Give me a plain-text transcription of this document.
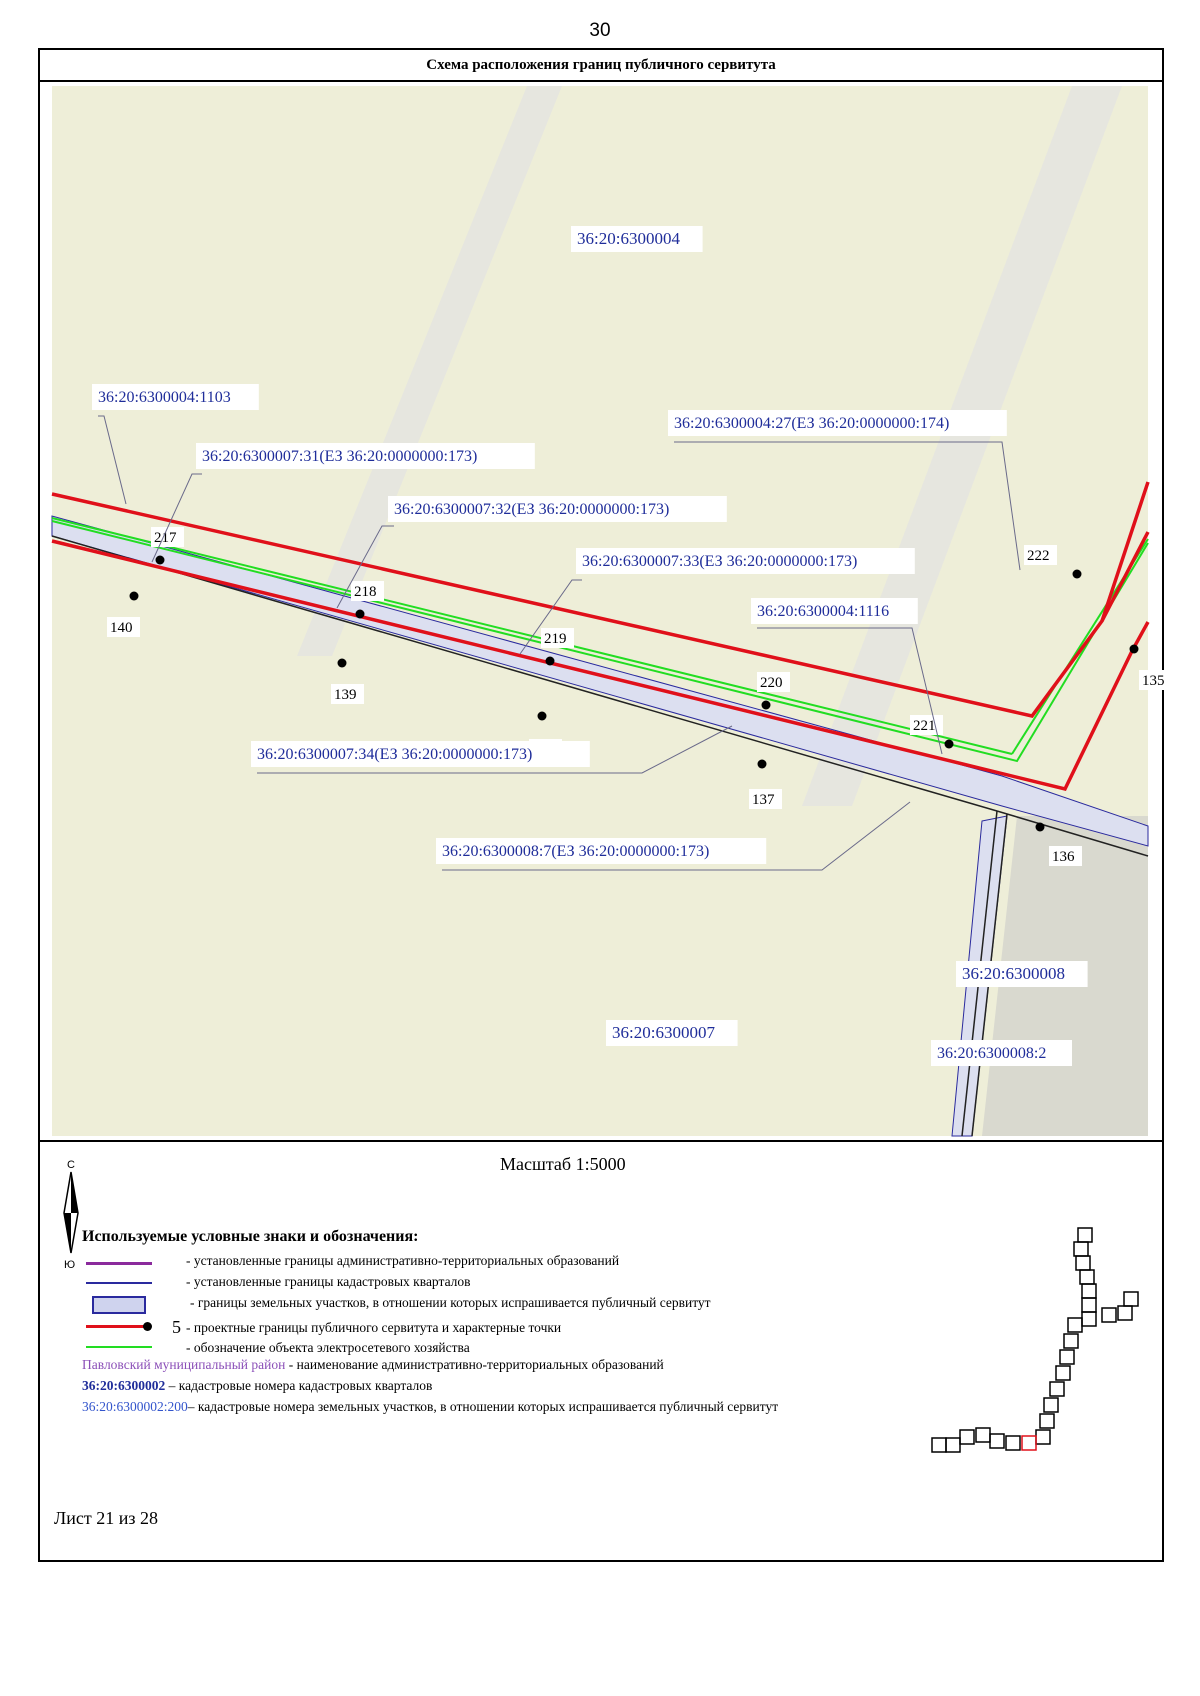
30
Схема расположения границ публичного сервитута
217
218
219
220
221
222
135
136
137
139
140
36:20:6300004
36:20:6300007
36:20:6300008
36:20:6300004:1103
36:20:6300007:31(ЕЗ 36:20:0000000:173)
36:20:6300007:32(ЕЗ 36:20:0000000:173)
36:20:6300007:33(ЕЗ 36:20:0000000:173)
36:20:6300004:27(ЕЗ 36:20:0000000:174)
36:20:6300004:1116
36:20:6300007:34(ЕЗ 36:20:0000000:173)
36:20:6300008:7(ЕЗ 36:20:0000000:173)
36:20:6300008:2
С
Ю
Масштаб 1:5000
Используемые условные знаки и обозначения:
- установленные границы административно-территориальных образований
- установленные границы кадастровых кварталов
- границы земельных участков, в отношении которых испрашивается публичный сервитут
5 - проектные границы публичного сервитута и характерные точки
- обозначение объекта электросетевого хозяйства
Павловский муниципальный район - наименование административно-территориальных образований
36:20:6300002 – кадастровые номера кадастровых кварталов
36:20:6300002:200– кадастровые номера земельных участков, в отношении которых испрашивается публичный сервитут
Лист 21 из 28
